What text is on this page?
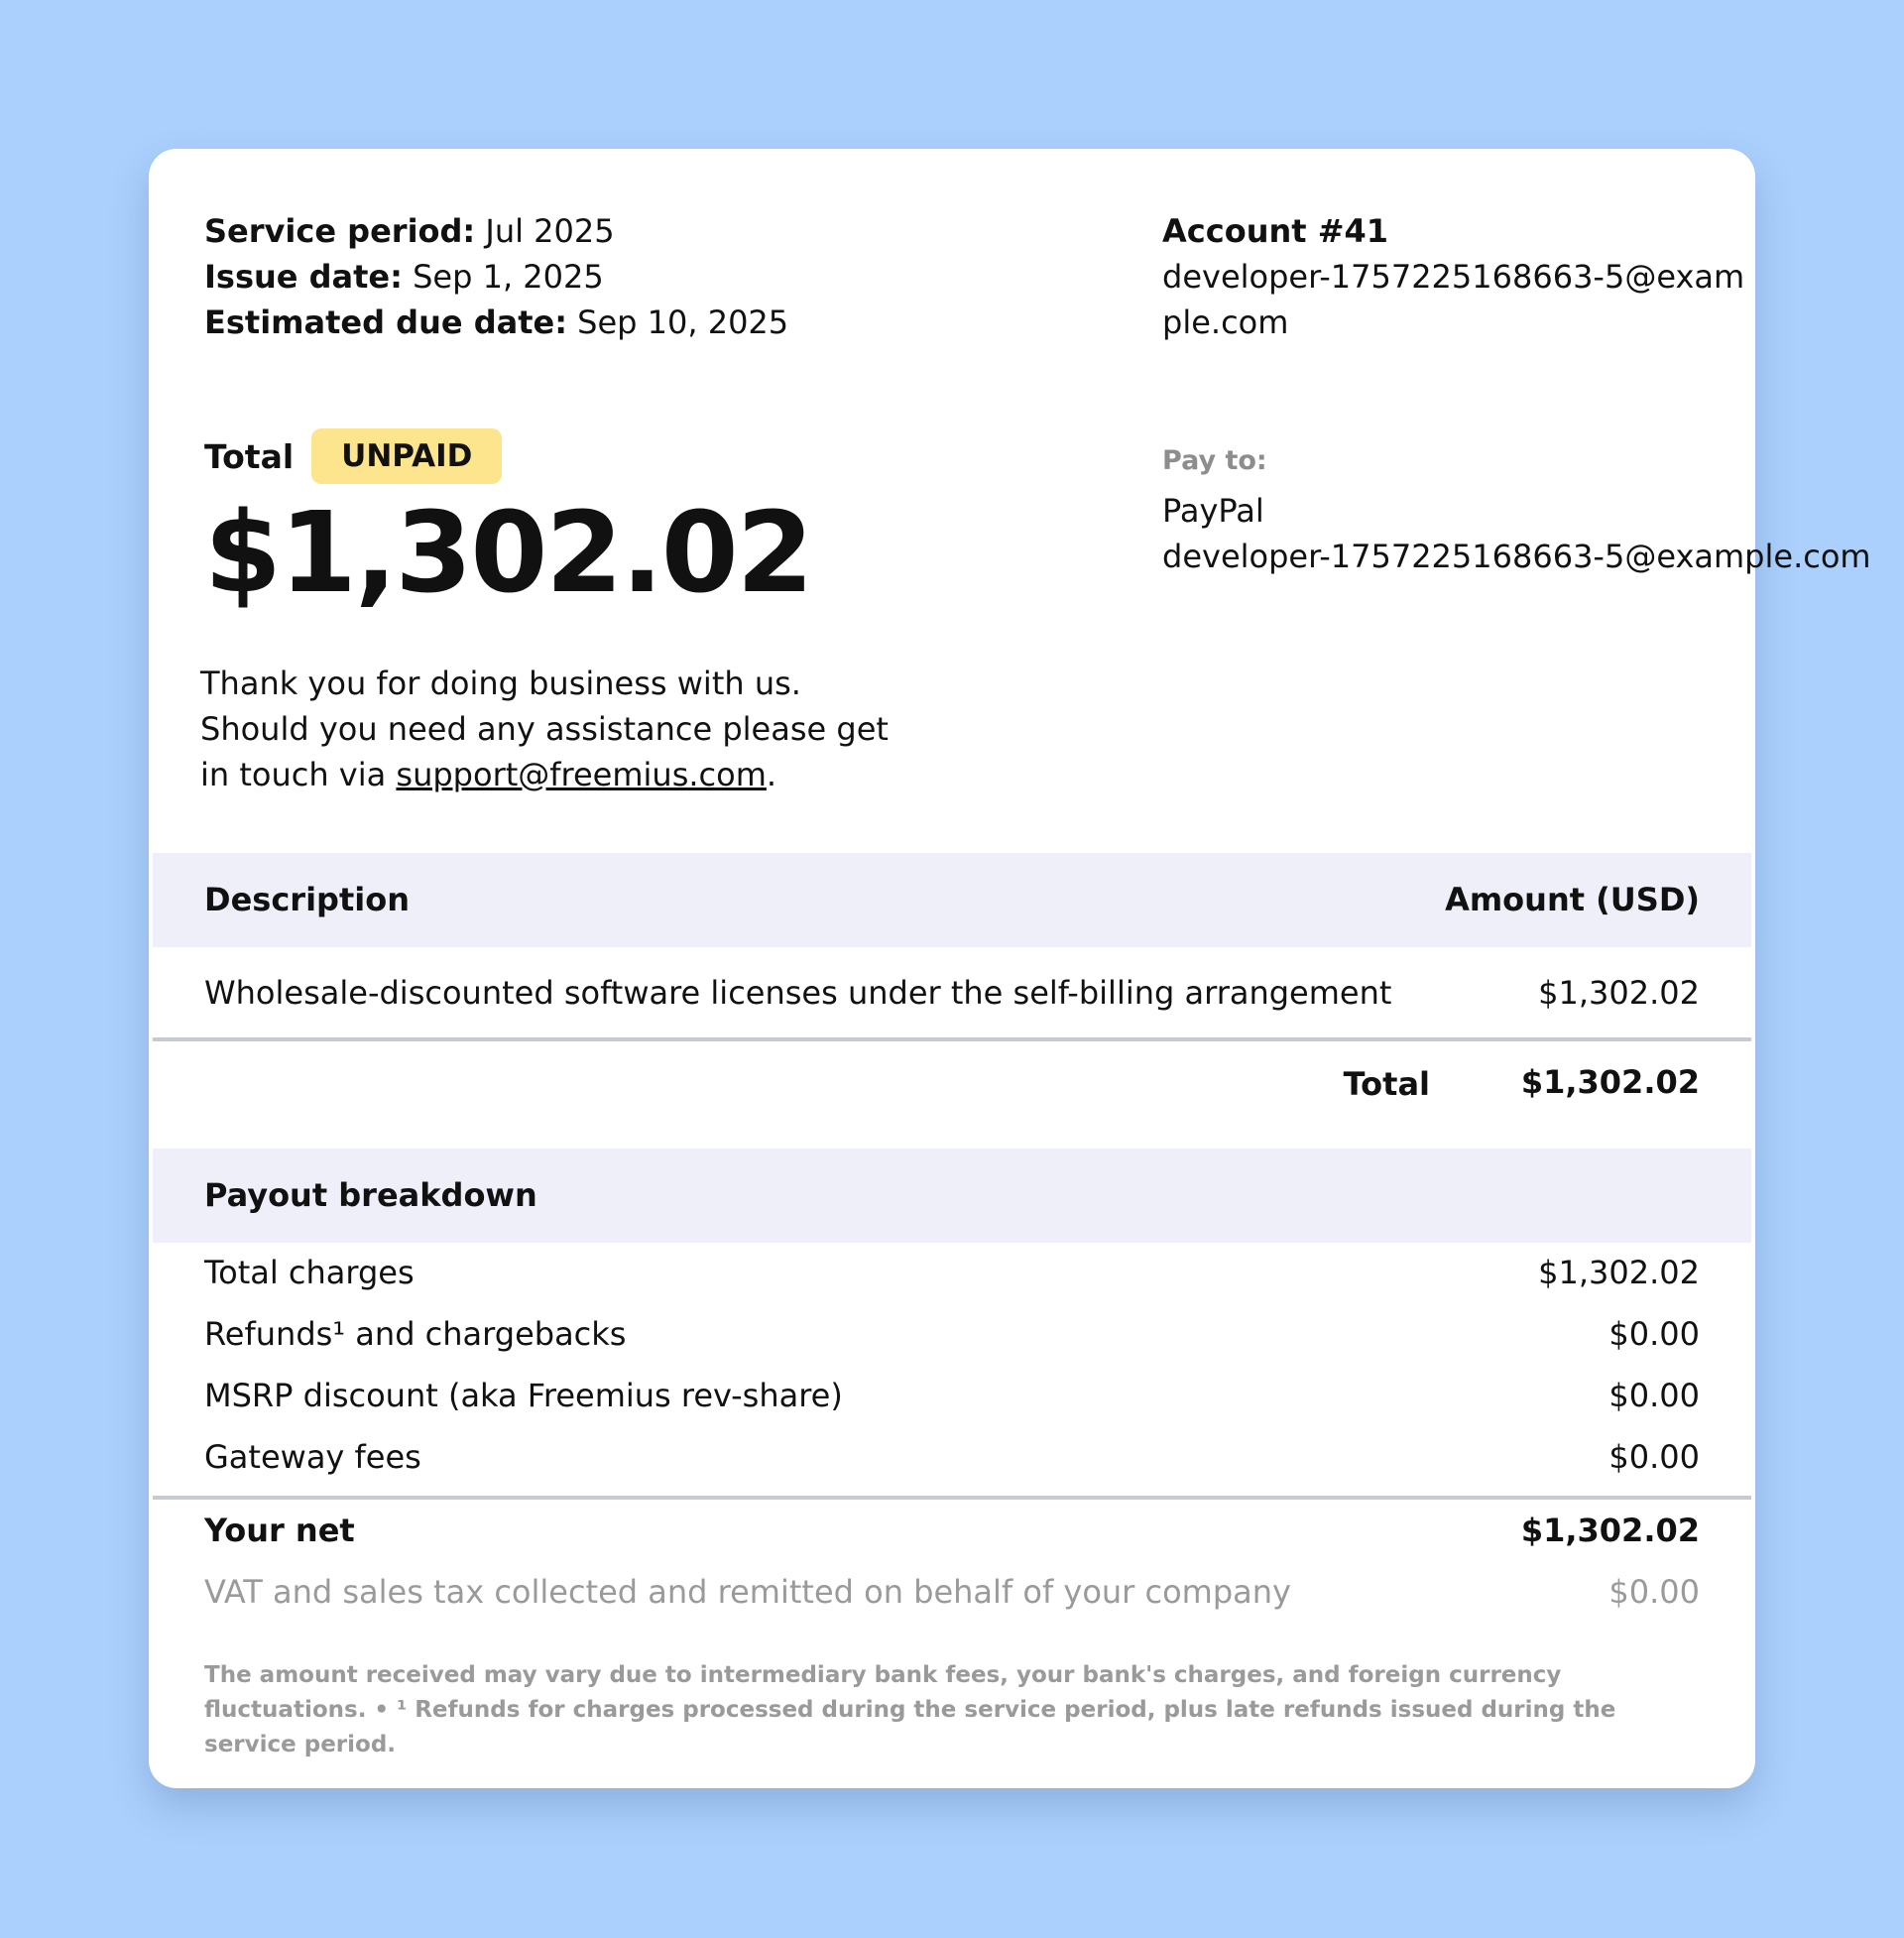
Service period: Jul 2025
Issue date: Sep 1, 2025
Estimated due date: Sep 10, 2025
Account #41
developer-1757225168663-5@example.com
Total	UNPAID
$1,302.02
Pay to:
PayPal
developer-1757225168663-5@example.com
Thank you for doing business with us. Should you need any assistance please get in touch via support@freemius.com.
Description	Amount (USD)
Wholesale-discounted software licenses under the self-billing arrangement	$1,302.02
Total	$1,302.02
Payout breakdown
Total charges	$1,302.02
Refunds¹ and chargebacks	$0.00
MSRP discount (aka Freemius rev-share)	$0.00
Gateway fees	$0.00
Your net	$1,302.02
VAT and sales tax collected and remitted on behalf of your company	$0.00
The amount received may vary due to intermediary bank fees, your bank's charges, and foreign currency fluctuations. • ¹ Refunds for charges processed during the service period, plus late refunds issued during the service period.
